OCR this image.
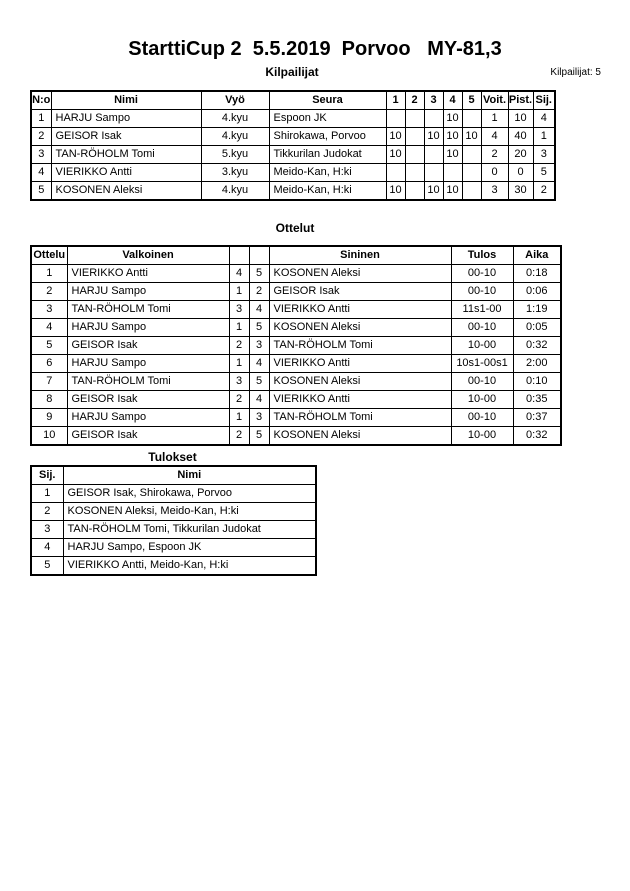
StarttiCup 2  5.5.2019  Porvoo   MY-81,3
Kilpailijat	Kilpailijat: 5
N:o	Nimi	Vyö	Seura	1	2	3	4	5	Voit.	Pist.	Sij.
1	HARJU Sampo	4.kyu	Espoon JK				10		1	10	4
2	GEISOR Isak	4.kyu	Shirokawa, Porvoo	10		10	10	10	4	40	1
3	TAN-RÖHOLM Tomi	5.kyu	Tikkurilan Judokat	10			10		2	20	3
4	VIERIKKO Antti	3.kyu	Meido-Kan, H:ki						0	0	5
5	KOSONEN Aleksi	4.kyu	Meido-Kan, H:ki	10		10	10		3	30	2
Ottelut
Ottelu	Valkoinen			Sininen	Tulos	Aika
1	VIERIKKO Antti	4	5	KOSONEN Aleksi	00-10	0:18
2	HARJU Sampo	1	2	GEISOR Isak	00-10	0:06
3	TAN-RÖHOLM Tomi	3	4	VIERIKKO Antti	11s1-00	1:19
4	HARJU Sampo	1	5	KOSONEN Aleksi	00-10	0:05
5	GEISOR Isak	2	3	TAN-RÖHOLM Tomi	10-00	0:32
6	HARJU Sampo	1	4	VIERIKKO Antti	10s1-00s1	2:00
7	TAN-RÖHOLM Tomi	3	5	KOSONEN Aleksi	00-10	0:10
8	GEISOR Isak	2	4	VIERIKKO Antti	10-00	0:35
9	HARJU Sampo	1	3	TAN-RÖHOLM Tomi	00-10	0:37
10	GEISOR Isak	2	5	KOSONEN Aleksi	10-00	0:32
Tulokset
Sij.	Nimi
1	GEISOR Isak, Shirokawa, Porvoo
2	KOSONEN Aleksi, Meido-Kan, H:ki
3	TAN-RÖHOLM Tomi, Tikkurilan Judokat
4	HARJU Sampo, Espoon JK
5	VIERIKKO Antti, Meido-Kan, H:ki
